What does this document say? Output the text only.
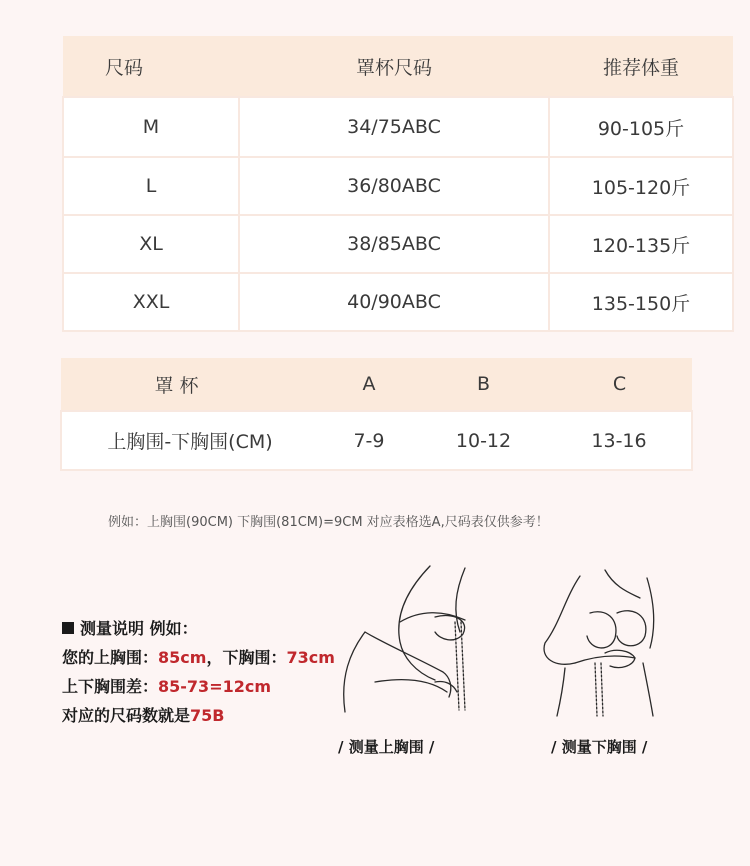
尺码	罩杯尺码	推荐体重
M	34/75ABC	90-105斤
L	36/80ABC	105-120斤
XL	38/85ABC	120-135斤
XXL	40/90ABC	135-150斤
罩杯	A	B	C
上胸围-下胸围(CM)	7-9	10-12	13-16
例如：上胸围(90CM) 下胸围(81CM)=9CM 对应表格选A,尺码表仅供参考！
测量说明 例如：
您的上胸围：85cm，下胸围：73cm
上下胸围差：85-73=12cm
对应的尺码数就是75B
/ 测量上胸围 /	/ 测量下胸围 /
